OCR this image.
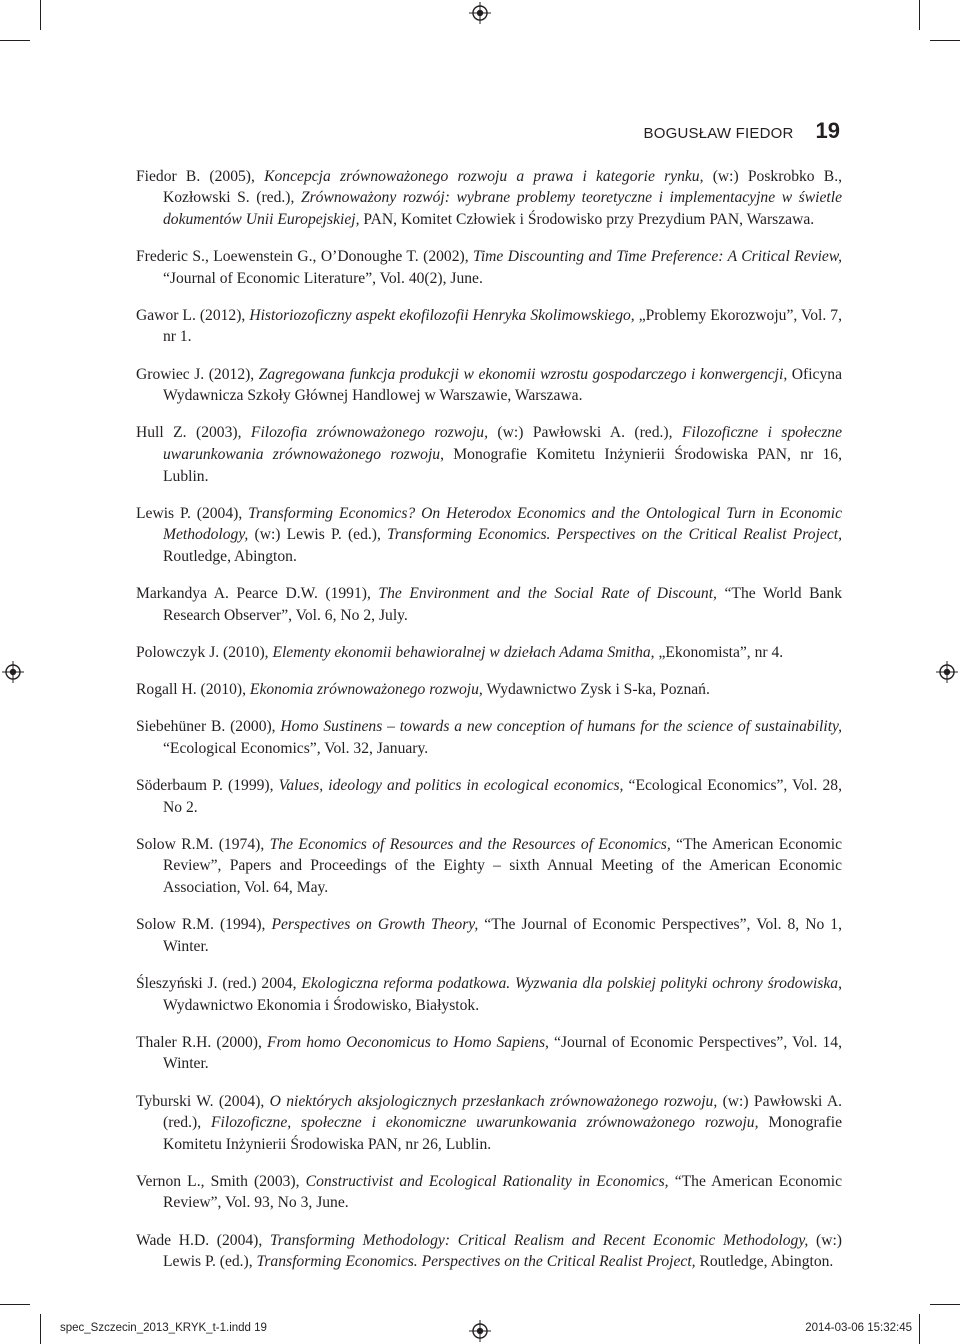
BOGUSŁAW FIEDOR 19

Fiedor B. (2005), Koncepcja zrównoważonego rozwoju a prawa i kategorie rynku, (w:) Poskrobko B., Kozłowski S. (red.), Zrównoważony rozwój: wybrane problemy teoretyczne i implementacyjne w świetle dokumentów Unii Europejskiej, PAN, Komitet Człowiek i Środowisko przy Prezydium PAN, Warszawa.

Frederic S., Loewenstein G., O’Donoughe T. (2002), Time Discounting and Time Preference: A Critical Review, “Journal of Economic Literature”, Vol. 40(2), June.

Gawor L. (2012), Historiozoficzny aspekt ekofilozofii Henryka Skolimowskiego, „Problemy Ekorozwoju”, Vol. 7, nr 1.

Growiec J. (2012), Zagregowana funkcja produkcji w ekonomii wzrostu gospodarczego i konwergencji, Oficyna Wydawnicza Szkoły Głównej Handlowej w Warszawie, Warszawa.

Hull Z. (2003), Filozofia zrównoważonego rozwoju, (w:) Pawłowski A. (red.), Filozoficzne i społeczne uwarunkowania zrównoważonego rozwoju, Monografie Komitetu Inżynierii Środowiska PAN, nr 16, Lublin.

Lewis P. (2004), Transforming Economics? On Heterodox Economics and the Ontological Turn in Economic Methodology, (w:) Lewis P. (ed.), Transforming Economics. Perspectives on the Critical Realist Project, Routledge, Abington.

Markandya A. Pearce D.W. (1991), The Environment and the Social Rate of Discount, “The World Bank Research Observer”, Vol. 6, No 2, July.

Polowczyk J. (2010), Elementy ekonomii behawioralnej w dziełach Adama Smitha, „Ekonomista”, nr 4.

Rogall H. (2010), Ekonomia zrównoważonego rozwoju, Wydawnictwo Zysk i S-ka, Poznań.

Siebehüner B. (2000), Homo Sustinens – towards a new conception of humans for the science of sustainability, “Ecological Economics”, Vol. 32, January.

Söderbaum P. (1999), Values, ideology and politics in ecological economics, “Ecological Economics”, Vol. 28, No 2.

Solow R.M. (1974), The Economics of Resources and the Resources of Economics, “The American Economic Review”, Papers and Proceedings of the Eighty – sixth Annual Meeting of the American Economic Association, Vol. 64, May.

Solow R.M. (1994), Perspectives on Growth Theory, “The Journal of Economic Perspectives”, Vol. 8, No 1, Winter.

Śleszyński J. (red.) 2004, Ekologiczna reforma podatkowa. Wyzwania dla polskiej polityki ochrony środowiska, Wydawnictwo Ekonomia i Środowisko, Białystok.

Thaler R.H. (2000), From homo Oeconomicus to Homo Sapiens, “Journal of Economic Perspectives”, Vol. 14, Winter.

Tyburski W. (2004), O niektórych aksjologicznych przesłankach zrównoważonego rozwoju, (w:) Pawłowski A. (red.), Filozoficzne, społeczne i ekonomiczne uwarunkowania zrównoważonego rozwoju, Monografie Komitetu Inżynierii Środowiska PAN, nr 26, Lublin.

Vernon L., Smith (2003), Constructivist and Ecological Rationality in Economics, “The American Economic Review”, Vol. 93, No 3, June.

Wade H.D. (2004), Transforming Methodology: Critical Realism and Recent Economic Methodology, (w:) Lewis P. (ed.), Transforming Economics. Perspectives on the Critical Realist Project, Routledge, Abington.

spec_Szczecin_2013_KRYK_t-1.indd 19	2014-03-06 15:32:45
